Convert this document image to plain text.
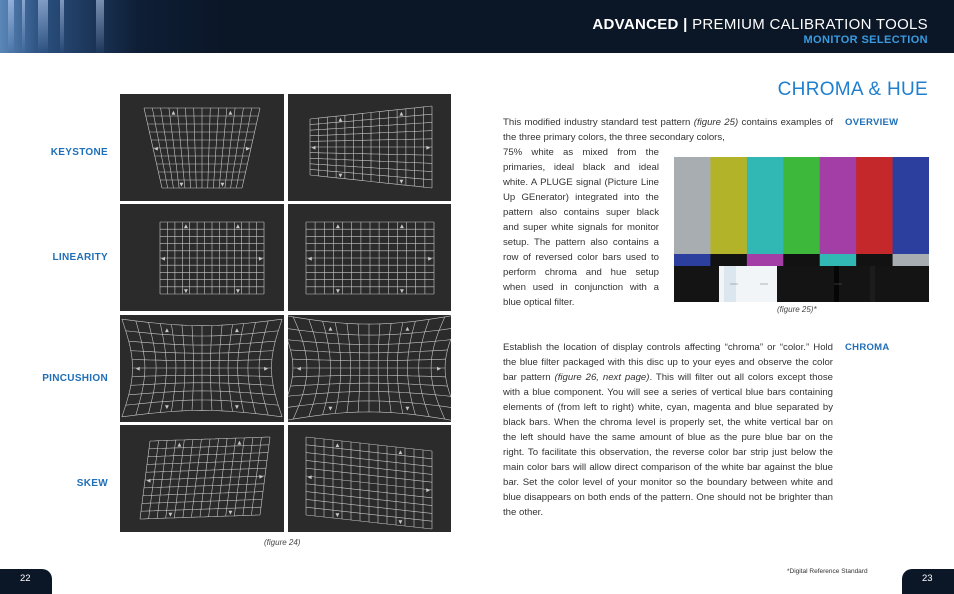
ADVANCED | PREMIUM CALIBRATION TOOLS
MONITOR SELECTION
KEYSTONE
LINEARITY
PINCUSHION
SKEW
▲	▲
▼	▼
◀	▶
▲
▲
▼
▼
◀	▶
▲	▲
▼	▼
◀	▶
▲	▲
▼	▼
◀	▶
▲	▲
▼	▼
◀	▶
▲	▲
▼	▼
◀	▶
▲	▲
▼	▼
◀
▶
▲
▲
▼
▼
◀
▶
(figure 24)
CHROMA & HUE
OVERVIEW
CHROMA
This modified industry standard test pattern (figure 25) contains examples of the three primary colors, the three secondary colors,
75% white as mixed from the primaries, ideal black and ideal white. A PLUGE signal (Picture Line Up GEnerator) integrated into the pattern also contains super black and super white signals for monitor setup. The pattern also contains a row of reversed color bars used to perform chroma and hue setup when used in conjunction with a blue optical filter.
(figure 25)*
Establish the location of display controls affecting “chroma” or “color.” Hold the blue filter packaged with this disc up to your eyes and observe the color bar pattern (figure 26, next page). This will filter out all colors except those with a blue component. You will see a series of vertical blue bars containing elements of (from left to right) white, cyan, magenta and blue separated by black bars. When the chroma level is properly set, the white vertical bar on the left should have the same amount of blue as the pure blue bar on the right. To facilitate this observation, the reverse color bar strip just below the main color bars will allow direct comparison of the white bar against the blue bar. Set the color level of your monitor so the boundary between white and blue disappears on both ends of the pattern. One should not be brighter than the other.
22
*Digital Reference Standard
23
